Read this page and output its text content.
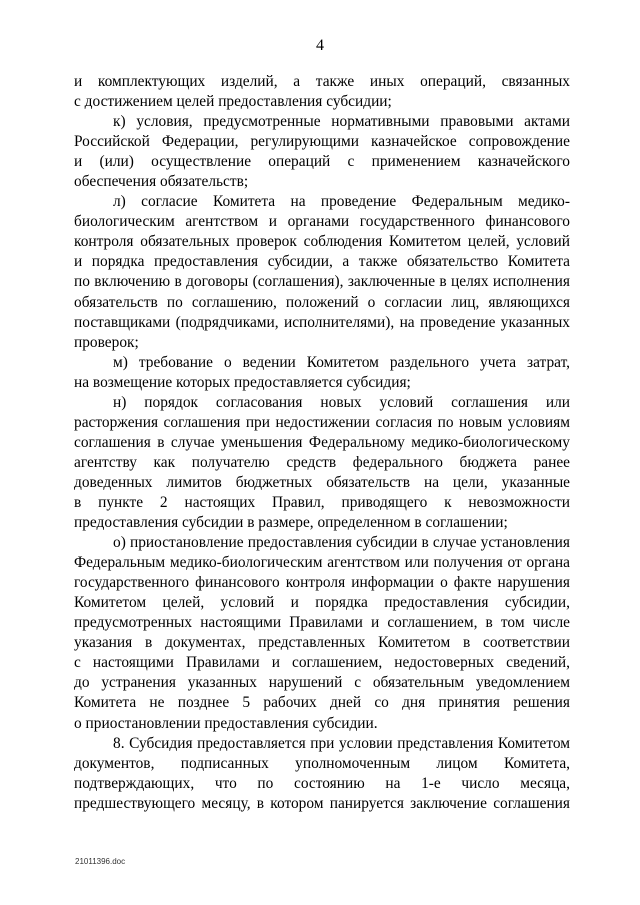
4
и комплектующих изделий, а также иных операций, связанных
с достижением целей предоставления субсидии;
к) условия, предусмотренные нормативными правовыми актами
Российской Федерации, регулирующими казначейское сопровождение
и (или) осуществление операций с применением казначейского
обеспечения обязательств;
л) согласие Комитета на проведение Федеральным медико-
биологическим агентством и органами государственного финансового
контроля обязательных проверок соблюдения Комитетом целей, условий
и порядка предоставления субсидии, а также обязательство Комитета
по включению в договоры (соглашения), заключенные в целях исполнения
обязательств по соглашению, положений о согласии лиц, являющихся
поставщиками (подрядчиками, исполнителями), на проведение указанных
проверок;
м) требование о ведении Комитетом раздельного учета затрат,
на возмещение которых предоставляется субсидия;
н) порядок согласования новых условий соглашения или
расторжения соглашения при недостижении согласия по новым условиям
соглашения в случае уменьшения Федеральному медико-биологическому
агентству как получателю средств федерального бюджета ранее
доведенных лимитов бюджетных обязательств на цели, указанные
в пункте 2 настоящих Правил, приводящего к невозможности
предоставления субсидии в размере, определенном в соглашении;
о) приостановление предоставления субсидии в случае установления
Федеральным медико-биологическим агентством или получения от органа
государственного финансового контроля информации о факте нарушения
Комитетом целей, условий и порядка предоставления субсидии,
предусмотренных настоящими Правилами и соглашением, в том числе
указания в документах, представленных Комитетом в соответствии
с настоящими Правилами и соглашением, недостоверных сведений,
до устранения указанных нарушений с обязательным уведомлением
Комитета не позднее 5 рабочих дней со дня принятия решения
о приостановлении предоставления субсидии.
8. Субсидия предоставляется при условии представления Комитетом
документов, подписанных уполномоченным лицом Комитета,
подтверждающих, что по состоянию на 1-е число месяца,
предшествующего месяцу, в котором панируется заключение соглашения
21011396.doc
